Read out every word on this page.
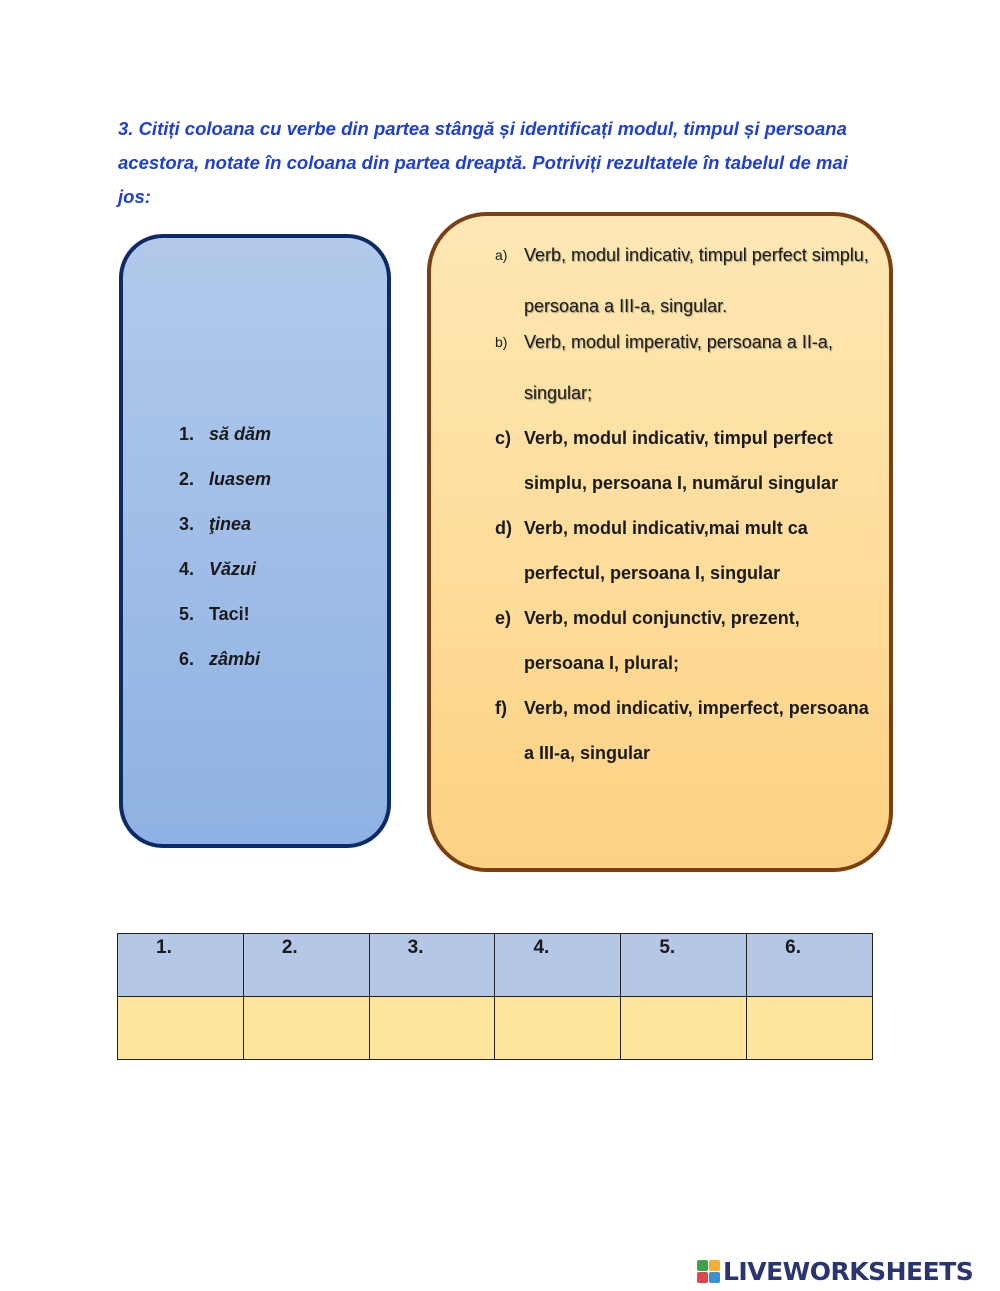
3. Citiți coloana cu verbe din partea stângă și identificați modul, timpul și persoana acestora, notate în coloana din partea dreaptă. Potriviți rezultatele în tabelul de mai jos:
1. să dăm
2. luasem
3. ţinea
4. Văzui
5. Taci!
6. zâmbi
a) Verb, modul indicativ, timpul perfect simplu, persoana a III-a, singular.
b) Verb, modul imperativ, persoana a II-a, singular;
c) Verb, modul indicativ, timpul perfect simplu, persoana I, numărul singular
d) Verb, modul indicativ,mai mult ca perfectul, persoana I, singular
e) Verb, modul conjunctiv, prezent, persoana I, plural;
f) Verb, mod indicativ, imperfect, persoana a III-a, singular
1.	2.	3.	4.	5.	6.

LIVEWORKSHEETS
